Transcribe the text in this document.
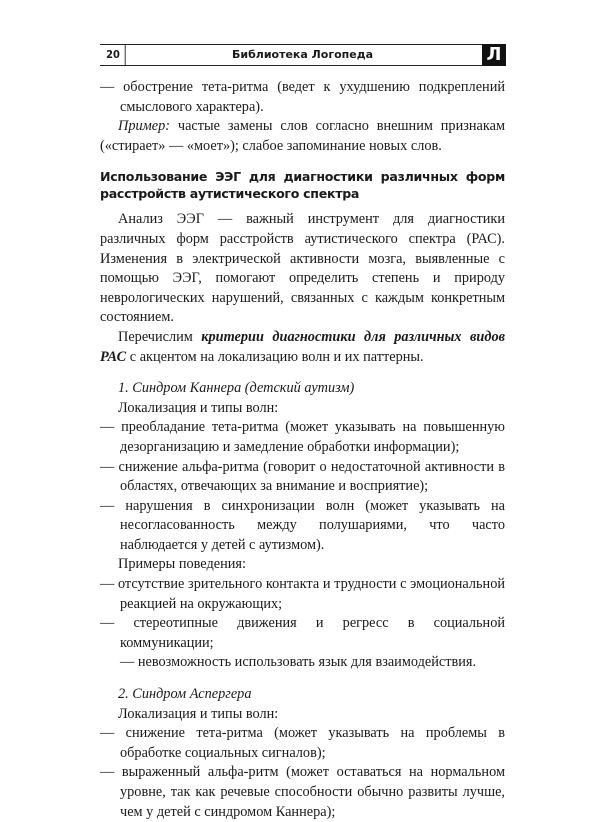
Библиотека Логопеда
20	Л

— обострение тета-ритма (ведет к ухудшению подкреплений смыслового характера).

Пример: частые замены слов согласно внешним признакам («стирает» — «моет»); слабое запоминание новых слов.

Использование ЭЭГ для диагностики различных форм расстройств аутистического спектра

Анализ ЭЭГ — важный инструмент для диагностики различных форм расстройств аутистического спектра (РАС). Изменения в электрической активности мозга, выявленные с помощью ЭЭГ, помогают определить степень и природу неврологических нарушений, связанных с каждым конкретным состоянием.

Перечислим критерии диагностики для различных видов РАС с акцентом на локализацию волн и их паттерны.

1. Синдром Каннера (детский аутизм)

Локализация и типы волн:

— преобладание тета-ритма (может указывать на повышенную дезорганизацию и замедление обработки информации);

— снижение альфа-ритма (говорит о недостаточной активности в областях, отвечающих за внимание и восприятие);

— нарушения в синхронизации волн (может указывать на несогласованность между полушариями, что часто наблюдается у детей с аутизмом).

Примеры поведения:

— отсутствие зрительного контакта и трудности с эмоциональной реакцией на окружающих;

— стереотипные движения и регресс в социальной коммуникации;

— невозможность использовать язык для взаимодействия.

2. Синдром Аспергера

Локализация и типы волн:

— снижение тета-ритма (может указывать на проблемы в обработке социальных сигналов);

— выраженный альфа-ритм (может оставаться на нормальном уровне, так как речевые способности обычно развиты лучше, чем у детей с синдромом Каннера);
